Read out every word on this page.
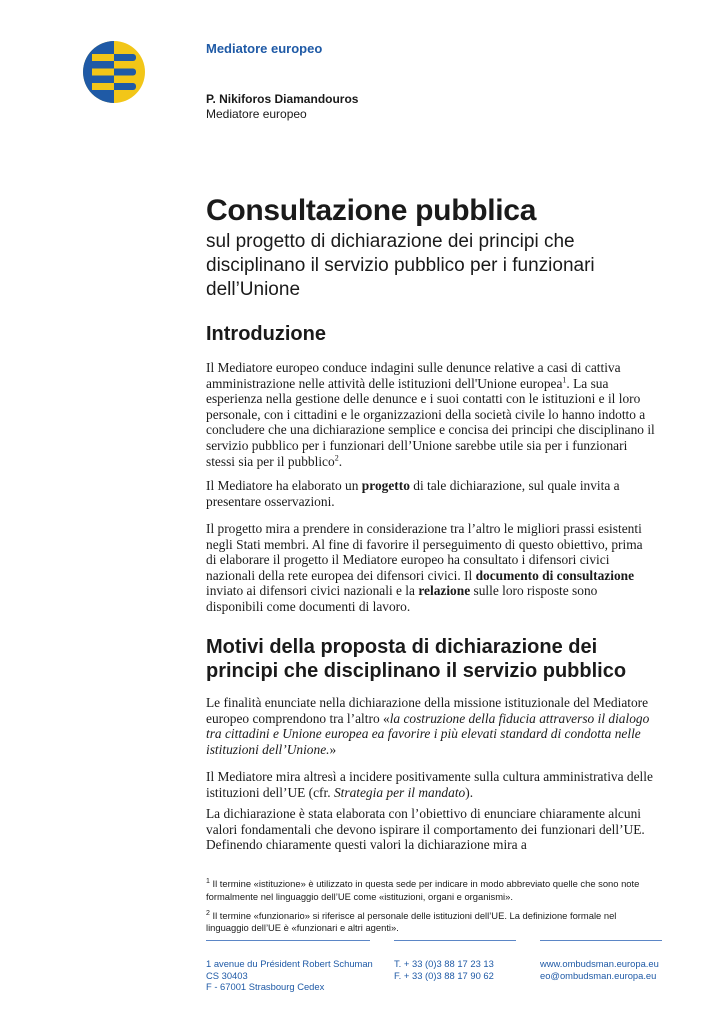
Mediatore europeo
P. Nikiforos Diamandouros
Mediatore europeo
Consultazione pubblica

sul progetto di dichiarazione dei principi che disciplinano il servizio pubblico per i funzionari dell’Unione

Introduzione

Il Mediatore europeo conduce indagini sulle denunce relative a casi di cattiva amministrazione nelle attività delle istituzioni dell'Unione europea$^1$. La sua esperienza nella gestione delle denunce e i suoi contatti con le istituzioni e il loro personale, con i cittadini e le organizzazioni della società civile lo hanno indotto a concludere che una dichiarazione semplice e concisa dei principi che disciplinano il servizio pubblico per i funzionari dell’Unione sarebbe utile sia per i funzionari stessi sia per il pubblico$^2$.

Il Mediatore ha elaborato un progetto di tale dichiarazione, sul quale invita a presentare osservazioni.

Il progetto mira a prendere in considerazione tra l’altro le migliori prassi esistenti negli Stati membri. Al fine di favorire il perseguimento di questo obiettivo, prima di elaborare il progetto il Mediatore europeo ha consultato i difensori civici nazionali della rete europea dei difensori civici. Il documento di consultazione inviato ai difensori civici nazionali e la relazione sulle loro risposte sono disponibili come documenti di lavoro.

Motivi della proposta di dichiarazione dei principi che disciplinano il servizio pubblico

Le finalità enunciate nella dichiarazione della missione istituzionale del Mediatore europeo comprendono tra l’altro «la costruzione della fiducia attraverso il dialogo tra cittadini e Unione europea ea favorire i più elevati standard di condotta nelle istituzioni dell’Unione.»

Il Mediatore mira altresì a incidere positivamente sulla cultura amministrativa delle istituzioni dell’UE (cfr. Strategia per il mandato).

La dichiarazione è stata elaborata con l’obiettivo di enunciare chiaramente alcuni valori fondamentali che devono ispirare il comportamento dei funzionari dell’UE. Definendo chiaramente questi valori la dichiarazione mira a

$^1$ Il termine «istituzione» è utilizzato in questa sede per indicare in modo abbreviato quelle che sono note formalmente nel linguaggio dell’UE come «istituzioni, organi e organismi».

$^2$ Il termine «funzionario» si riferisce al personale delle istituzioni dell’UE. La definizione formale nel linguaggio dell’UE è «funzionari e altri agenti».

1 avenue du Président Robert Schuman
CS 30403
F - 67001 Strasbourg Cedex
T. + 33 (0)3 88 17 23 13
F. + 33 (0)3 88 17 90 62
www.ombudsman.europa.eu
eo@ombudsman.europa.eu
